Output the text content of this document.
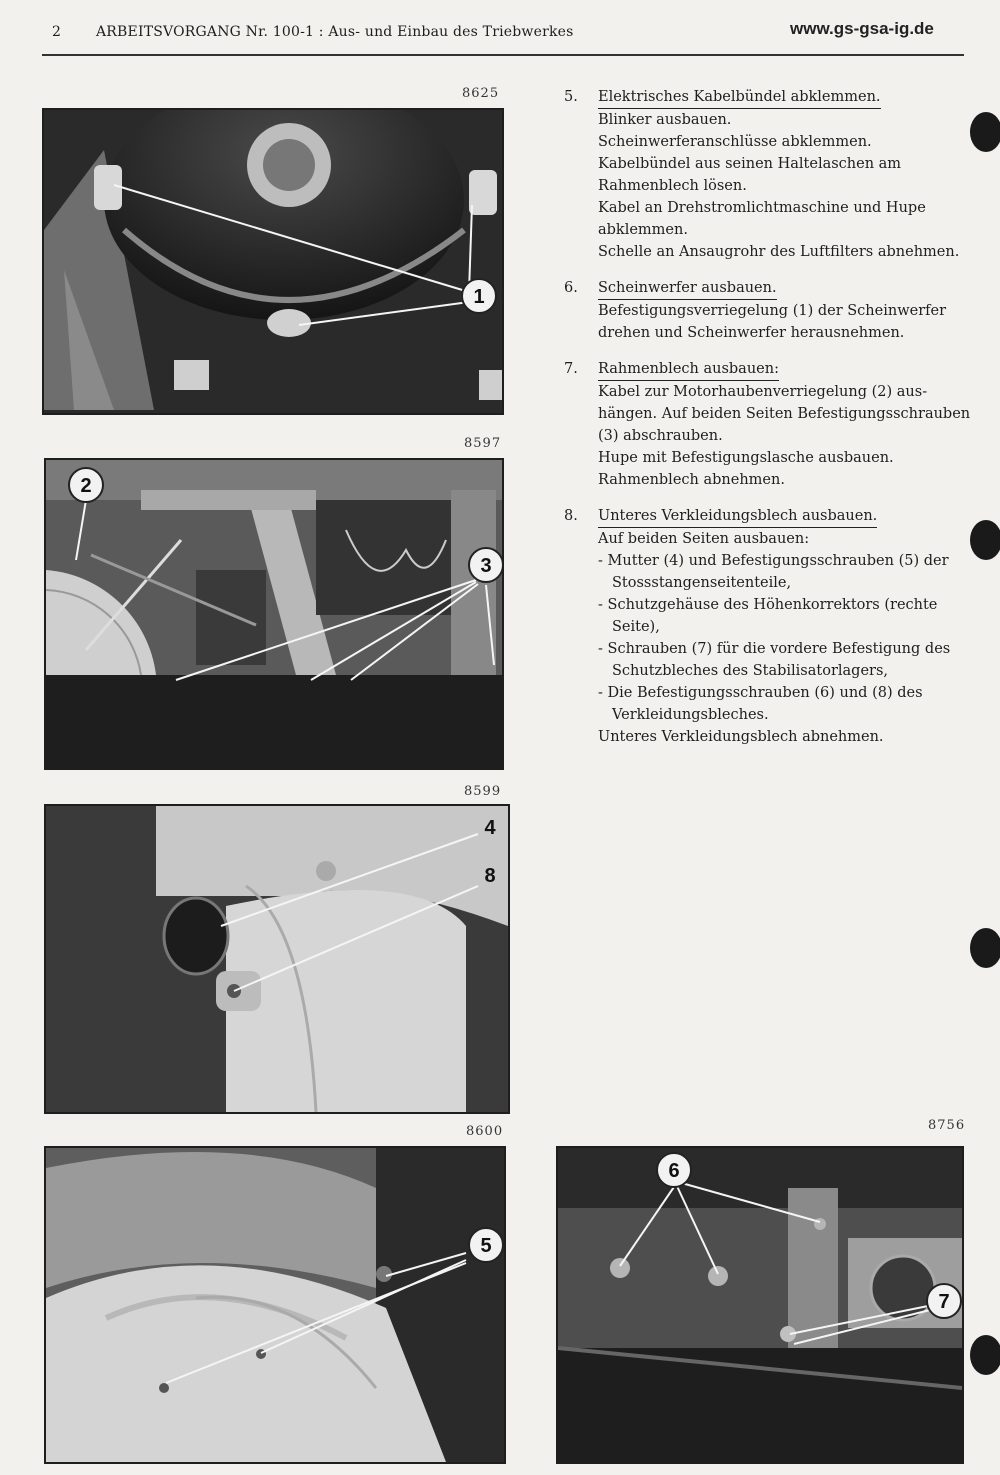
2	ARBEITSVORGANG Nr. 100-1 : Aus- und Einbau des Triebwerkes	www.gs-gsa-ig.de
8625
1
8597
2
3
8599
4
8
8600
5
8756
6
7
5. Elektrisches Kabelbündel abklemmen.
Blinker ausbauen.
Scheinwerferanschlüsse abklemmen.
Kabelbündel aus seinen Haltelaschen am
Rahmenblech lösen.
Kabel an Drehstromlichtmaschine und Hupe
abklemmen.
Schelle an Ansaugrohr des Luftfilters abnehmen.
6. Scheinwerfer ausbauen.
Befestigungsverriegelung (1) der Scheinwerfer
drehen und Scheinwerfer herausnehmen.
7. Rahmenblech ausbauen:
Kabel zur Motorhaubenverriegelung (2) aus-
hängen. Auf beiden Seiten Befestigungsschrauben
(3) abschrauben.
Hupe mit Befestigungslasche ausbauen.
Rahmenblech abnehmen.
8. Unteres Verkleidungsblech ausbauen.
Auf beiden Seiten ausbauen:
- Mutter (4) und Befestigungsschrauben (5) der Stossstangenseitenteile,
- Schutzgehäuse des Höhenkorrektors (rechte Seite),
- Schrauben (7) für die vordere Befestigung des Schutzbleches des Stabilisatorlagers,
- Die Befestigungsschrauben (6) und (8) des Verkleidungsbleches.
Unteres Verkleidungsblech abnehmen.
